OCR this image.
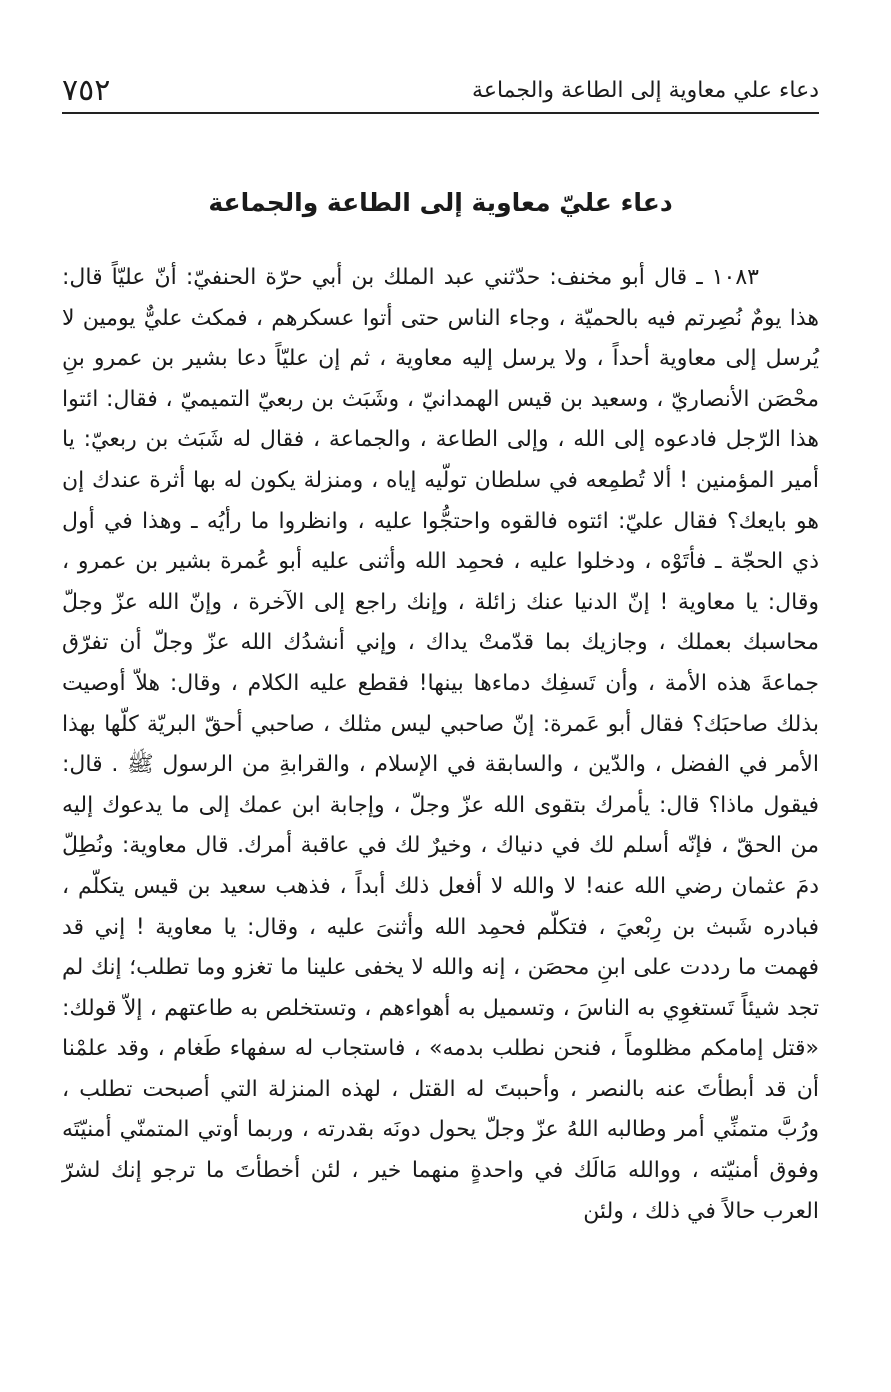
دعاء علي معاوية إلى الطاعة والجماعة
٧٥٢
دعاء عليّ معاوية إلى الطاعة والجماعة

١٠٨٣ ـ قال أبو مخنف: حدّثني عبد الملك بن أبي حرّة الحنفيّ: أنّ عليّاً قال: هذا يومٌ نُصِرتم فيه بالحميّة ، وجاء الناس حتى أتوا عسكرهم ، فمكث عليٌّ يومين لا يُرسل إلى معاوية أحداً ، ولا يرسل إليه معاوية ، ثم إن عليّاً دعا بشير بن عمرو بنِ محْصَن الأنصاريّ ، وسعيد بن قيس الهمدانيّ ، وشَبَث بن ربعيّ التميميّ ، فقال: ائتوا هذا الرّجل فادعوه إلى الله ، وإلى الطاعة ، والجماعة ، فقال له شَبَث بن ربعيّ: يا أمير المؤمنين ! ألا تُطمِعه في سلطان تولّيه إياه ، ومنزلة يكون له بها أثرة عندك إن هو بايعك؟ فقال عليّ: ائتوه فالقوه واحتجُّوا عليه ، وانظروا ما رأيُه ـ وهذا في أول ذي الحجّة ـ فأتَوْه ، ودخلوا عليه ، فحمِد الله وأثنى عليه أبو عُمرة بشير بن عمرو ، وقال: يا معاوية ! إنّ الدنيا عنك زائلة ، وإنك راجع إلى الآخرة ، وإنّ الله عزّ وجلّ محاسبك بعملك ، وجازيك بما قدّمتْ يداك ، وإني أنشدُك الله عزّ وجلّ أن تفرّق جماعةَ هذه الأمة ، وأن تَسفِك دماءها بينها! فقطع عليه الكلام ، وقال: هلاّ أوصيت بذلك صاحبَك؟ فقال أبو عَمرة: إنّ صاحبي ليس مثلك ، صاحبي أحقّ البريّة كلّها بهذا الأمر في الفضل ، والدّين ، والسابقة في الإسلام ، والقرابةِ من الرسول ﷺ . قال: فيقول ماذا؟ قال: يأمرك بتقوى الله عزّ وجلّ ، وإجابة ابن عمك إلى ما يدعوك إليه من الحقّ ، فإنّه أسلم لك في دنياك ، وخيرٌ لك في عاقبة أمرك. قال معاوية: ونُطِلّ دمَ عثمان رضي الله عنه! لا والله لا أفعل ذلك أبداً ، فذهب سعيد بن قيس يتكلّم ، فبادره شَبث بن رِبْعيَ ، فتكلّم فحمِد الله وأثنىَ عليه ، وقال: يا معاوية ! إني قد فهمت ما رددت على ابنِ محصَن ، إنه والله لا يخفى علينا ما تغزو وما تطلب؛ إنك لم تجد شيئاً تَستغوِي به الناسَ ، وتسميل به أهواءهم ، وتستخلص به طاعتهم ، إلاّ قولك: «قتل إمامكم مظلوماً ، فنحن نطلب بدمه» ، فاستجاب له سفهاء طَغام ، وقد علمْنا أن قد أبطأتَ عنه بالنصر ، وأحببتَ له القتل ، لهذه المنزلة التي أصبحت تطلب ، ورُبَّ متمنِّي أمر وطالبه اللهُ عزّ وجلّ يحول دونَه بقدرته ، وربما أوتي المتمنّي أمنيّتَه وفوق أمنيّته ، ووالله مَالَك في واحدةٍ منهما خير ، لئن أخطأتَ ما ترجو إنك لشرّ العرب حالاً في ذلك ، ولئن
